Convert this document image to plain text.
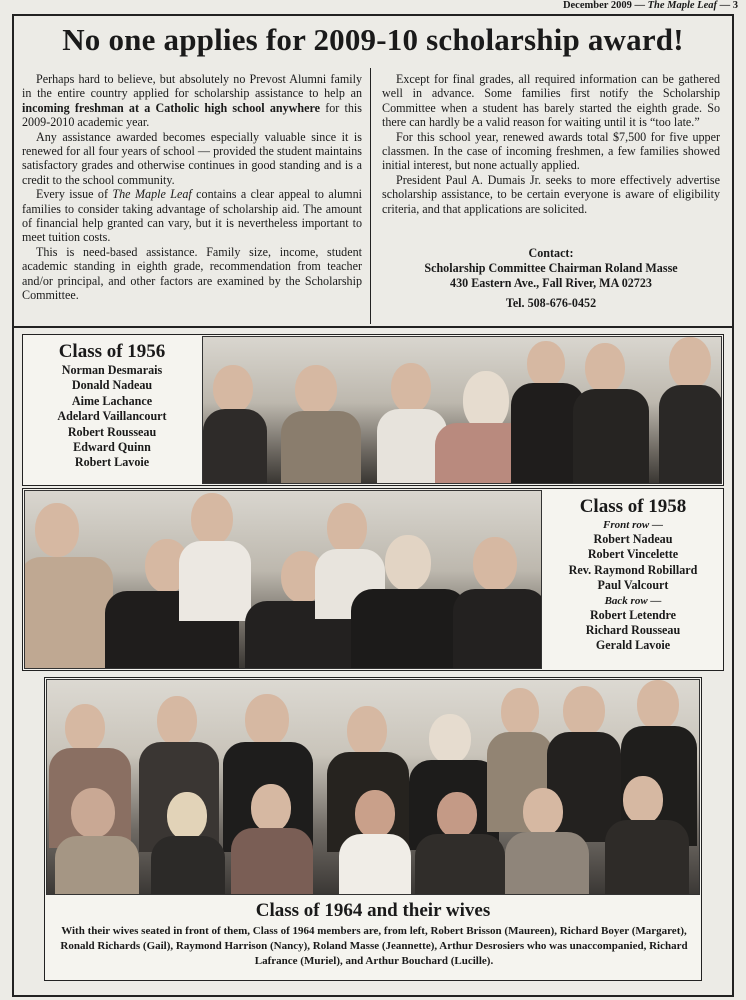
December 2009 — The Maple Leaf — 3
No one applies for 2009-10 scholarship award!

Perhaps hard to believe, but absolutely no Prevost Alumni family in the entire country applied for scholarship assistance to help an incoming freshman at a Catholic high school anywhere for this 2009-2010 academic year.

Any assistance awarded becomes especially valuable since it is renewed for all four years of school — provided the student maintains satisfactory grades and otherwise continues in good standing and is a credit to the school community.

Every issue of The Maple Leaf contains a clear appeal to alumni families to consider taking advantage of scholarship aid. The amount of financial help granted can vary, but it is nevertheless important to meet tuition costs.

This is need-based assistance. Family size, income, student academic standing in eighth grade, recommendation from teacher and/or principal, and other factors are examined by the Scholarship Committee.

Except for final grades, all required information can be gathered well in advance. Some families first notify the Scholarship Committee when a student has barely started the eighth grade. So there can hardly be a valid reason for waiting until it is “too late.”

For this school year, renewed awards total $7,500 for five upper classmen. In the case of incoming freshmen, a few families showed initial interest, but none actually applied.

President Paul A. Dumais Jr. seeks to more effectively advertise scholarship assistance, to be certain everyone is aware of eligibility criteria, and that applications are solicited.

Contact:
Scholarship Committee Chairman Roland Masse
430 Eastern Ave., Fall River, MA 02723
Tel. 508-676-0452
Class of 1956
Norman Desmarais
Donald Nadeau
Aime Lachance
Adelard Vaillancourt
Robert Rousseau
Edward Quinn
Robert Lavoie
Class of 1958
Front row —
Robert Nadeau
Robert Vincelette
Rev. Raymond Robillard
Paul Valcourt
Back row —
Robert Letendre
Richard Rousseau
Gerald Lavoie
Class of 1964 and their wives
With their wives seated in front of them, Class of 1964 members are, from left, Robert Brisson (Maureen), Richard Boyer (Margaret), Ronald Richards (Gail), Raymond Harrison (Nancy), Roland Masse (Jeannette), Arthur Desrosiers who was unaccompanied, Richard Lafrance (Muriel), and Arthur Bouchard (Lucille).
